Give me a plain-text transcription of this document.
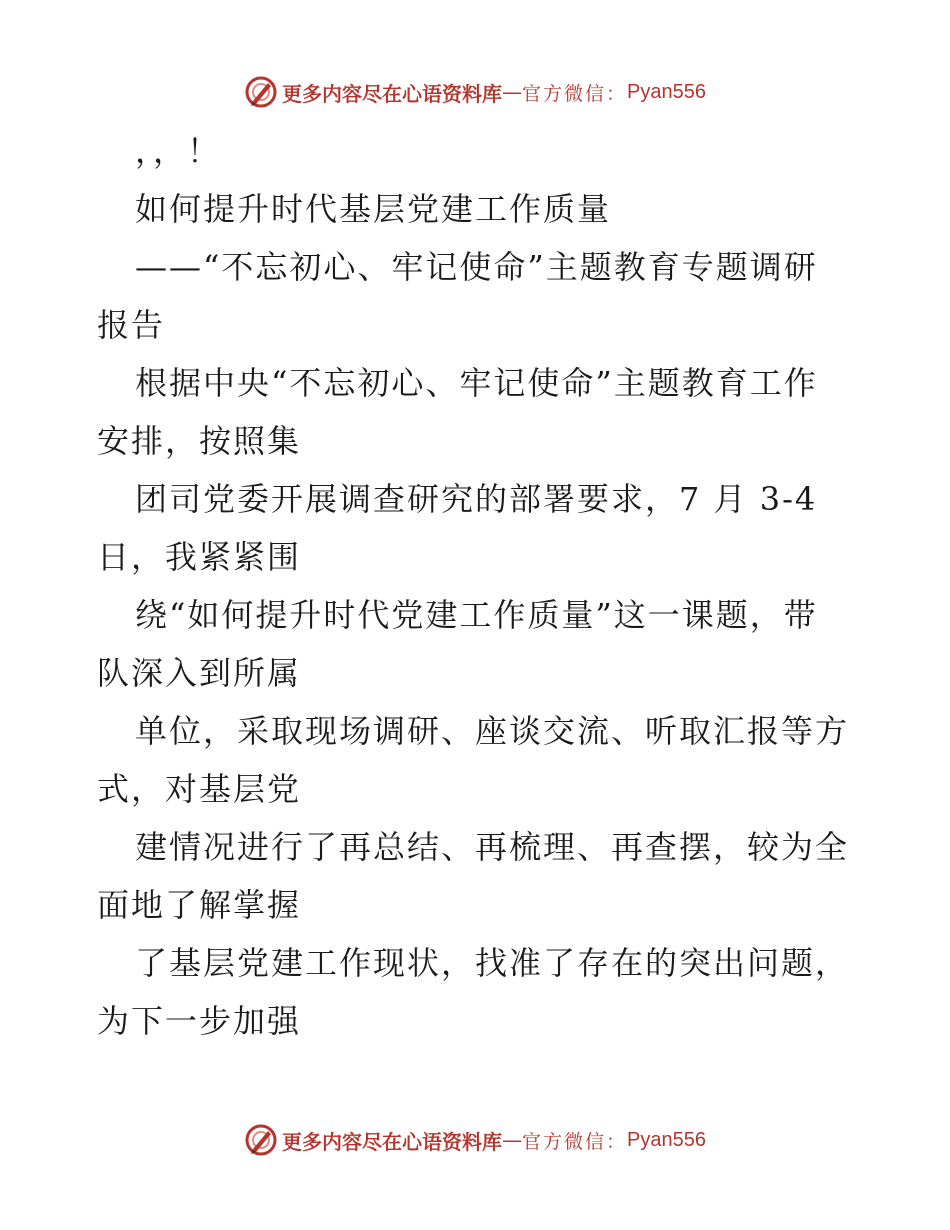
更多内容尽在心语资料库 — 官方微信： Pyan556
，，！
如何提升时代基层党建工作质量
——“不忘初心、牢记使命”主题教育专题调研
报告
根据中央“不忘初心、牢记使命”主题教育工作
安排，按照集
团司党委开展调查研究的部署要求，7 月 3-4
日，我紧紧围
绕“如何提升时代党建工作质量”这一课题，带
队深入到所属
单位，采取现场调研、座谈交流、听取汇报等方
式，对基层党
建情况进行了再总结、再梳理、再查摆，较为全
面地了解掌握
了基层党建工作现状，找准了存在的突出问题，
为下一步加强
更多内容尽在心语资料库 — 官方微信： Pyan556
